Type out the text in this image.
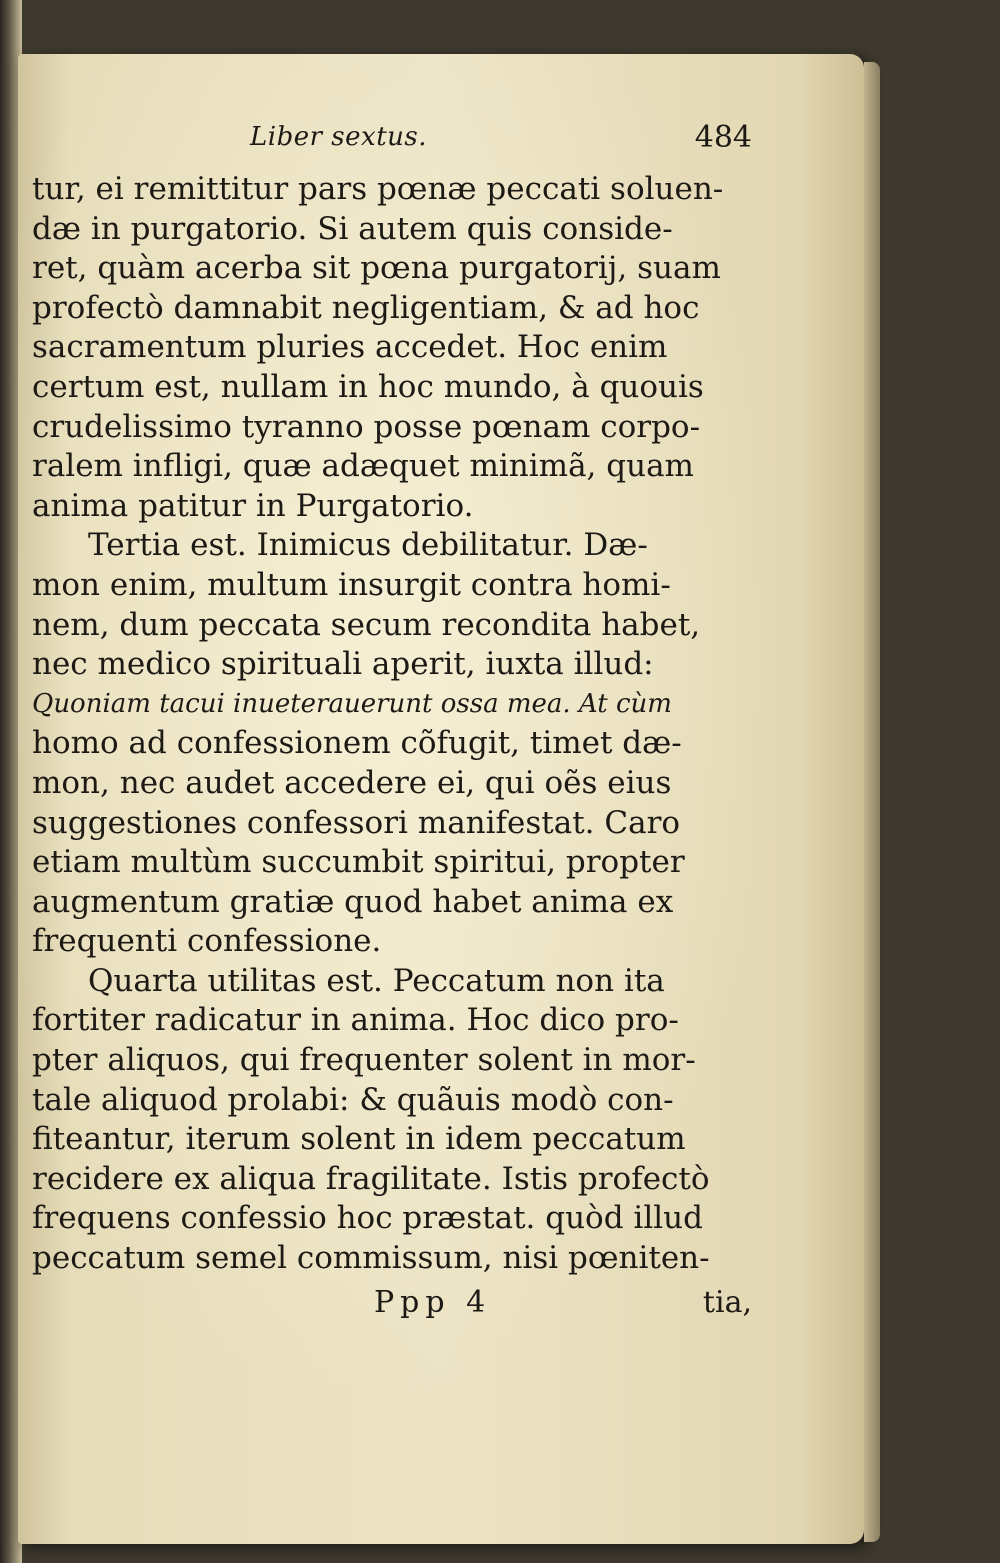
Liber sextus.	484
tur, ei remittitur pars pœnæ peccati soluen-
dæ in purgatorio. Si autem quis conside-
ret, quàm acerba sit pœna purgatorij, suam
profectò damnabit negligentiam, & ad hoc
sacramentum pluries accedet. Hoc enim
certum est, nullam in hoc mundo, à quouis
crudelissimo tyranno posse pœnam corpo-
ralem infligi, quæ adæquet minimã, quam
anima patitur in Purgatorio.
Tertia est. Inimicus debilitatur. Dæ-
mon enim, multum insurgit contra homi-
nem, dum peccata secum recondita habet,
nec medico spirituali aperit, iuxta illud:
Quoniam tacui inueterauerunt ossa mea. At cùm
homo ad confessionem cõfugit, timet dæ-
mon, nec audet accedere ei, qui oẽs eius
suggestiones confessori manifestat. Caro
etiam multùm succumbit spiritui, propter
augmentum gratiæ quod habet anima ex
frequenti confessione.
Quarta utilitas est. Peccatum non ita
fortiter radicatur in anima. Hoc dico pro-
pter aliquos, qui frequenter solent in mor-
tale aliquod prolabi: & quãuis modò con-
fiteantur, iterum solent in idem peccatum
recidere ex aliqua fragilitate. Istis profectò
frequens confessio hoc præstat. quòd illud
peccatum semel commissum, nisi pœniten-
Ppp 4	tia,
